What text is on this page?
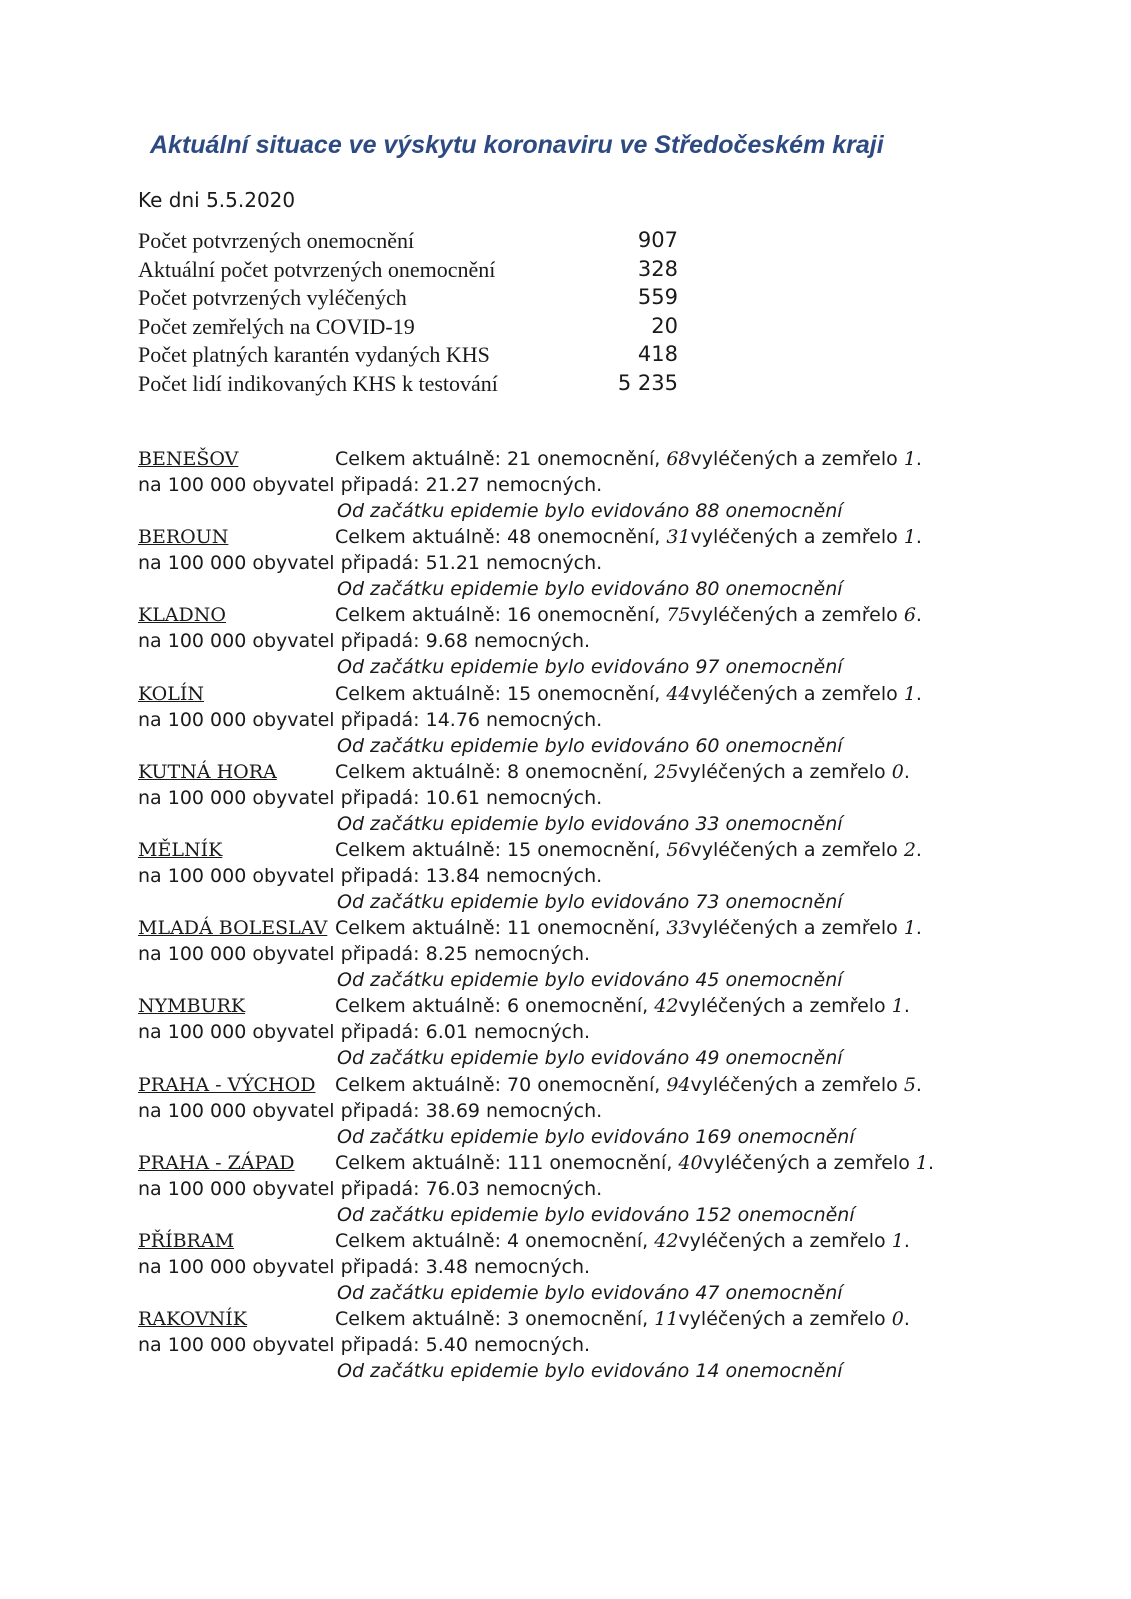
Aktuální situace ve výskytu koronaviru ve Středočeském kraji
Ke dni 5.5.2020
Počet potvrzených onemocnění	907
Aktuální počet potvrzených onemocnění	328
Počet potvrzených vyléčených	559
Počet zemřelých na COVID-19	20
Počet platných karantén vydaných KHS	418
Počet lidí indikovaných KHS k testování	5 235
BENEŠOV	Celkem aktuálně: 21 onemocnění, 68vyléčených a zemřelo 1.
na 100 000 obyvatel připadá: 21.27 nemocných.
Od začátku epidemie bylo evidováno 88 onemocnění
BEROUN	Celkem aktuálně: 48 onemocnění, 31vyléčených a zemřelo 1.
na 100 000 obyvatel připadá: 51.21 nemocných.
Od začátku epidemie bylo evidováno 80 onemocnění
KLADNO	Celkem aktuálně: 16 onemocnění, 75vyléčených a zemřelo 6.
na 100 000 obyvatel připadá: 9.68 nemocných.
Od začátku epidemie bylo evidováno 97 onemocnění
KOLÍN	Celkem aktuálně: 15 onemocnění, 44vyléčených a zemřelo 1.
na 100 000 obyvatel připadá: 14.76 nemocných.
Od začátku epidemie bylo evidováno 60 onemocnění
KUTNÁ HORA	Celkem aktuálně: 8 onemocnění, 25vyléčených a zemřelo 0.
na 100 000 obyvatel připadá: 10.61 nemocných.
Od začátku epidemie bylo evidováno 33 onemocnění
MĚLNÍK	Celkem aktuálně: 15 onemocnění, 56vyléčených a zemřelo 2.
na 100 000 obyvatel připadá: 13.84 nemocných.
Od začátku epidemie bylo evidováno 73 onemocnění
MLADÁ BOLESLAV Celkem aktuálně: 11 onemocnění, 33vyléčených a zemřelo 1.
na 100 000 obyvatel připadá: 8.25 nemocných.
Od začátku epidemie bylo evidováno 45 onemocnění
NYMBURK	Celkem aktuálně: 6 onemocnění, 42vyléčených a zemřelo 1.
na 100 000 obyvatel připadá: 6.01 nemocných.
Od začátku epidemie bylo evidováno 49 onemocnění
PRAHA - VÝCHOD Celkem aktuálně: 70 onemocnění, 94vyléčených a zemřelo 5.
na 100 000 obyvatel připadá: 38.69 nemocných.
Od začátku epidemie bylo evidováno 169 onemocnění
PRAHA - ZÁPAD Celkem aktuálně: 111 onemocnění, 40vyléčených a zemřelo 1.
na 100 000 obyvatel připadá: 76.03 nemocných.
Od začátku epidemie bylo evidováno 152 onemocnění
PŘÍBRAM	Celkem aktuálně: 4 onemocnění, 42vyléčených a zemřelo 1.
na 100 000 obyvatel připadá: 3.48 nemocných.
Od začátku epidemie bylo evidováno 47 onemocnění
RAKOVNÍK	Celkem aktuálně: 3 onemocnění, 11vyléčených a zemřelo 0.
na 100 000 obyvatel připadá: 5.40 nemocných.
Od začátku epidemie bylo evidováno 14 onemocnění
